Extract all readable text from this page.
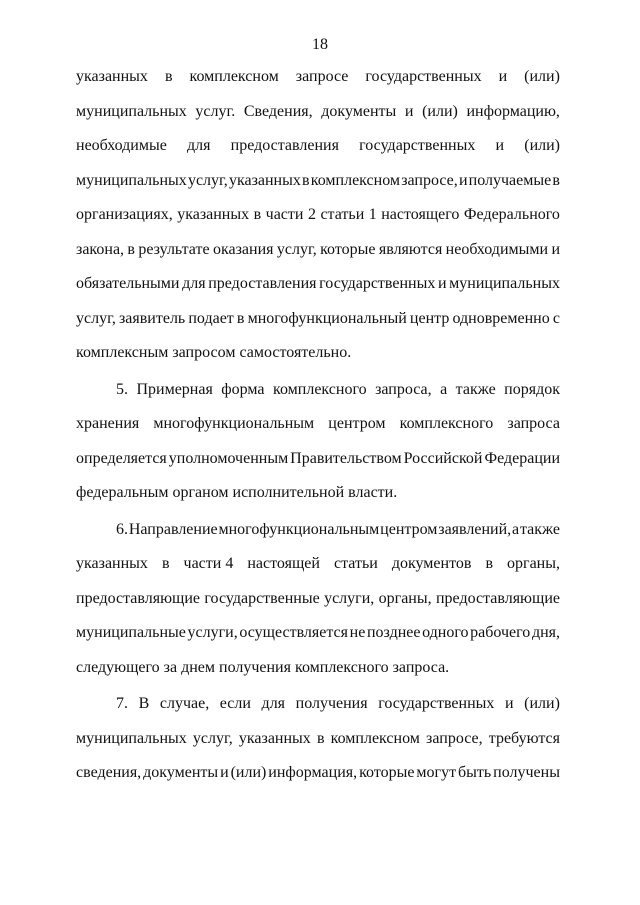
18
указанных в комплексном запросе государственных и (или)
муниципальных услуг. Сведения, документы и (или) информацию,
необходимые для предоставления государственных и (или)
муниципальных услуг, указанных в комплексном запросе, и получаемые в
организациях, указанных в части 2 статьи 1 настоящего Федерального
закона, в результате оказания услуг, которые являются необходимыми и
обязательными для предоставления государственных и муниципальных
услуг, заявитель подает в многофункциональный центр одновременно с
комплексным запросом самостоятельно.
5. Примерная форма комплексного запроса, а также порядок
хранения многофункциональным центром комплексного запроса
определяется уполномоченным Правительством Российской Федерации
федеральным органом исполнительной власти.
6. Направление многофункциональным центром заявлений, а также
указанных в части 4 настоящей статьи документов в органы,
предоставляющие государственные услуги, органы, предоставляющие
муниципальные услуги, осуществляется не позднее одного рабочего дня,
следующего за днем получения комплексного запроса.
7. В случае, если для получения государственных и (или)
муниципальных услуг, указанных в комплексном запросе, требуются
сведения, документы и (или) информация, которые могут быть получены
